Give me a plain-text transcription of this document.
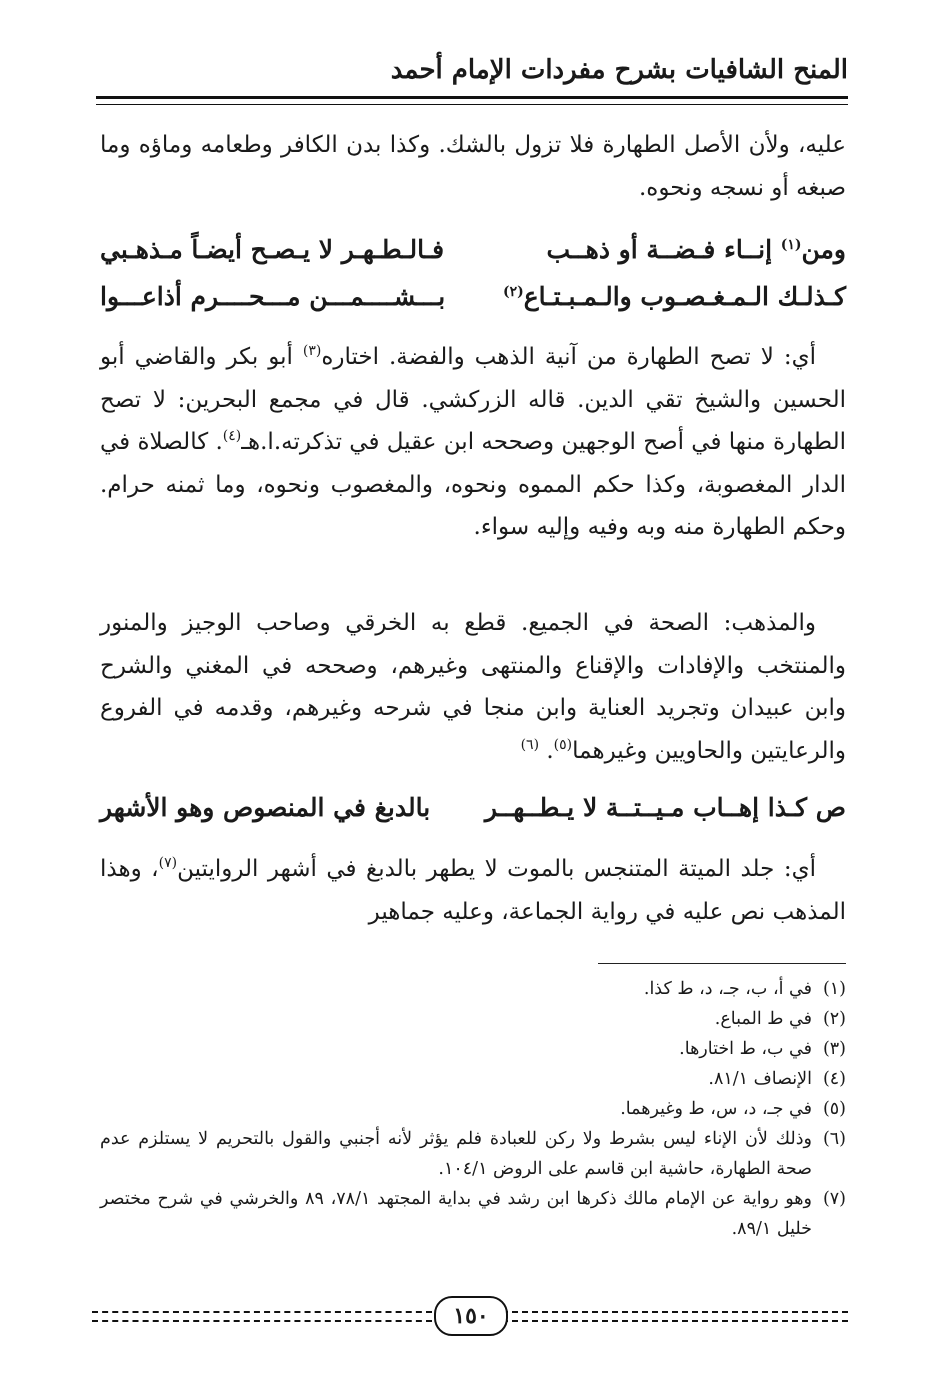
المنح الشافيات بشرح مفردات الإمام أحمد
عليه، ولأن الأصل الطهارة فلا تزول بالشك. وكذا بدن الكافر وطعامه وماؤه وما صبغه أو نسجه ونحوه.
ومن$^{(١)}$ إنــاء فـضــة أو ذهــب
فـالـطـهـر لا يـصـح أيضـاً مـذهـبي
كـذلـك الـمـغـصـوب والـمـبـتـاع$^{(٢)}$
بـــشــــمـــن مـــحــــرم أذاعـــوا
أي: لا تصح الطهارة من آنية الذهب والفضة. اختاره$^{(٣)}$ أبو بكر والقاضي أبو الحسين والشيخ تقي الدين. قاله الزركشي. قال في مجمع البحرين: لا تصح الطهارة منها في أصح الوجهين وصححه ابن عقيل في تذكرته.ا.هـ$^{(٤)}$. كالصلاة في الدار المغصوبة، وكذا حكم المموه ونحوه، والمغصوب ونحوه، وما ثمنه حرام. وحكم الطهارة منه وبه وفيه وإليه سواء.
والمذهب: الصحة في الجميع. قطع به الخرقي وصاحب الوجيز والمنور والمنتخب والإفادات والإقناع والمنتهى وغيرهم، وصححه في المغني والشرح وابن عبيدان وتجريد العناية وابن منجا في شرحه وغيرهم، وقدمه في الفروع والرعايتين والحاويين وغيرهما$^{(٥)}$. $^{(٦)}$
ص كـذا إهــاب مـيــتــة لا يـطــهــر
بالدبغ في المنصوص وهو الأشهر
أي: جلد الميتة المتنجس بالموت لا يطهر بالدبغ في أشهر الروايتين$^{(٧)}$، وهذا المذهب نص عليه في رواية الجماعة، وعليه جماهير
(١)
في أ، ب، جـ، د، ط كذا.
(٢)
في ط المباع.
(٣)
في ب، ط اختارها.
(٤)
الإنصاف ٨١/١.
(٥)
في جـ، د، س، ط وغيرهما.
(٦)
وذلك لأن الإناء ليس بشرط ولا ركن للعبادة فلم يؤثر لأنه أجنبي والقول بالتحريم لا يستلزم عدم صحة الطهارة، حاشية ابن قاسم على الروض ١٠٤/١.
(٧)
وهو رواية عن الإمام مالك ذكرها ابن رشد في بداية المجتهد ٧٨/١، ٨٩ والخرشي في شرح مختصر خليل ٨٩/١.
١٥٠
